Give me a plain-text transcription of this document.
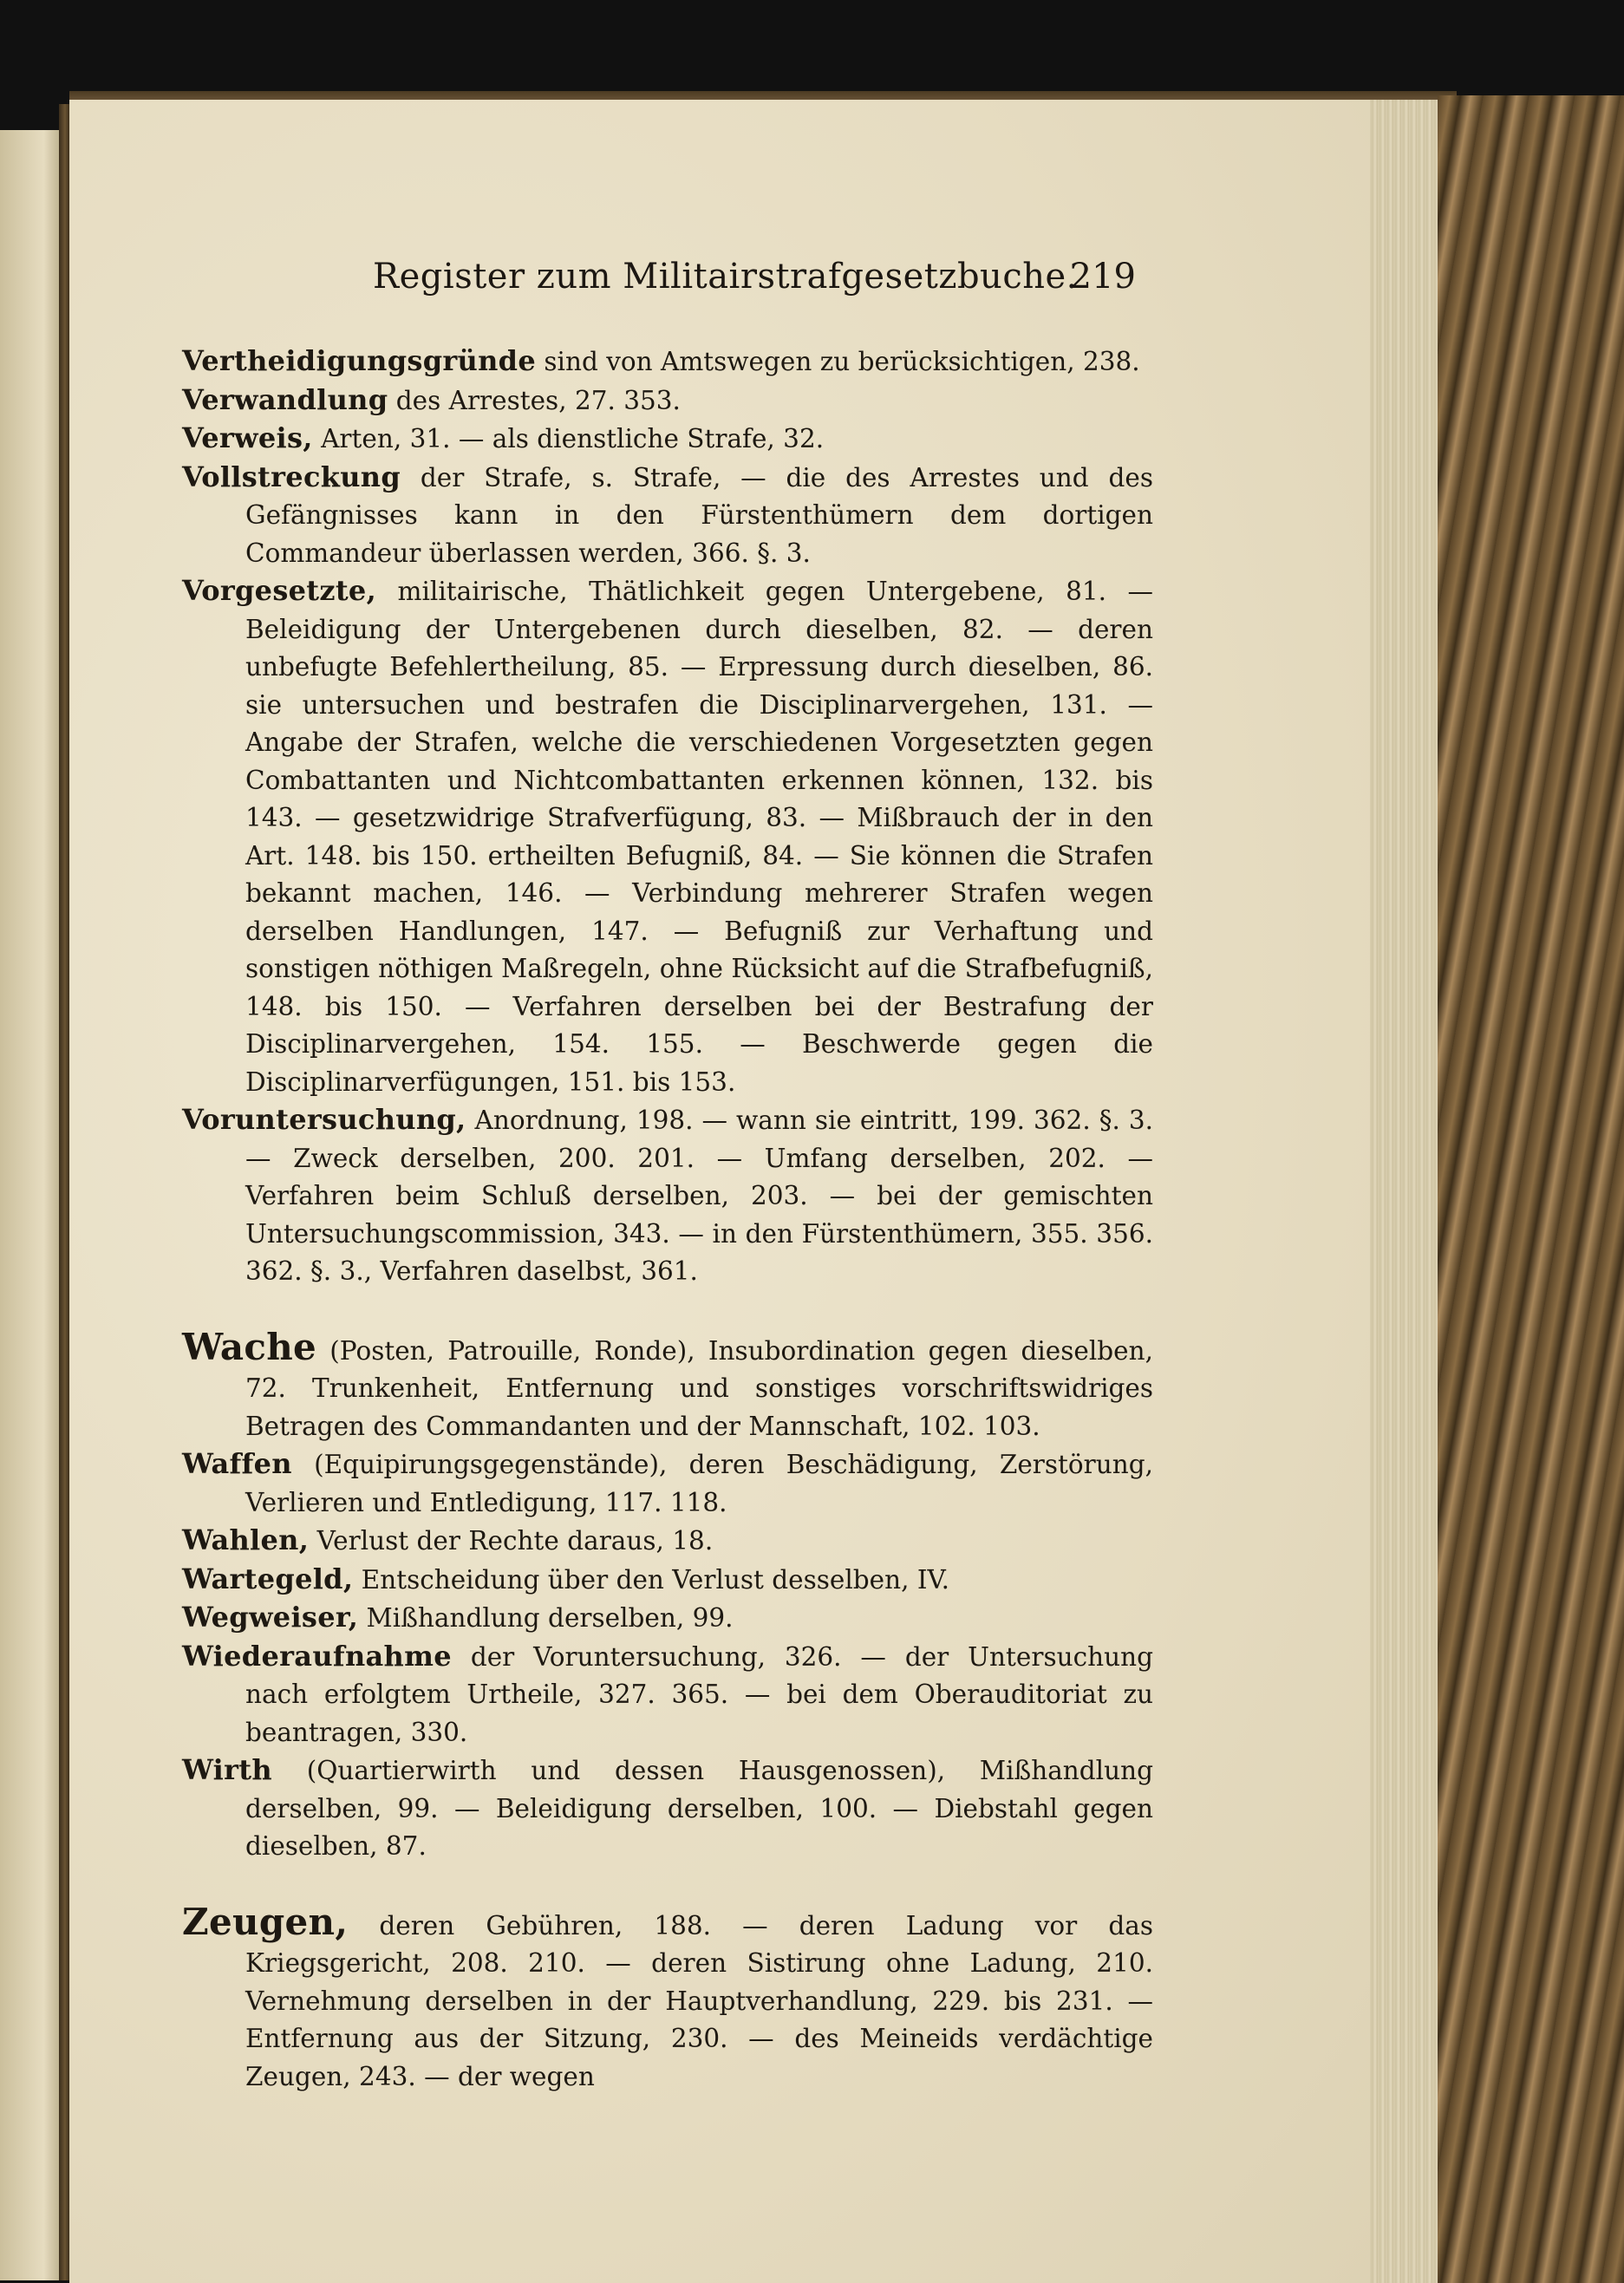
Register zum Militairstrafgesetzbuche.
219

Vertheidigungsgründe sind von Amtswegen zu berücksichtigen, 238.

Verwandlung des Arrestes, 27. 353.

Verweis, Arten, 31. — als dienstliche Strafe, 32.

Vollstreckung der Strafe, s. Strafe, — die des Arrestes und des Gefängnisses kann in den Fürstenthümern dem dortigen Commandeur überlassen werden, 366. §. 3.

Vorgesetzte, militairische, Thätlichkeit gegen Untergebene, 81. — Beleidigung der Untergebenen durch dieselben, 82. — deren unbefugte Befehlertheilung, 85. — Erpressung durch dieselben, 86. sie untersuchen und bestrafen die Disciplinarvergehen, 131. — Angabe der Strafen, welche die verschiedenen Vorgesetzten gegen Combattanten und Nichtcombattanten erkennen können, 132. bis 143. — gesetzwidrige Strafverfügung, 83. — Mißbrauch der in den Art. 148. bis 150. ertheilten Befugniß, 84. — Sie können die Strafen bekannt machen, 146. — Verbindung mehrerer Strafen wegen derselben Handlungen, 147. — Befugniß zur Verhaftung und sonstigen nöthigen Maßregeln, ohne Rücksicht auf die Strafbefugniß, 148. bis 150. — Verfahren derselben bei der Bestrafung der Disciplinarvergehen, 154. 155. — Beschwerde gegen die Disciplinarverfügungen, 151. bis 153.

Voruntersuchung, Anordnung, 198. — wann sie eintritt, 199. 362. §. 3. — Zweck derselben, 200. 201. — Umfang derselben, 202. — Verfahren beim Schluß derselben, 203. — bei der gemischten Untersuchungscommission, 343. — in den Fürstenthümern, 355. 356. 362. §. 3., Verfahren daselbst, 361.

Wache (Posten, Patrouille, Ronde), Insubordination gegen dieselben, 72. Trunkenheit, Entfernung und sonstiges vorschriftswidriges Betragen des Commandanten und der Mannschaft, 102. 103.

Waffen (Equipirungsgegenstände), deren Beschädigung, Zerstörung, Verlieren und Entledigung, 117. 118.

Wahlen, Verlust der Rechte daraus, 18.

Wartegeld, Entscheidung über den Verlust desselben, IV.

Wegweiser, Mißhandlung derselben, 99.

Wiederaufnahme der Voruntersuchung, 326. — der Untersuchung nach erfolgtem Urtheile, 327. 365. — bei dem Oberauditoriat zu beantragen, 330.

Wirth (Quartierwirth und dessen Hausgenossen), Mißhandlung derselben, 99. — Beleidigung derselben, 100. — Diebstahl gegen dieselben, 87.

Zeugen, deren Gebühren, 188. — deren Ladung vor das Kriegsgericht, 208. 210. — deren Sistirung ohne Ladung, 210. Vernehmung derselben in der Hauptverhandlung, 229. bis 231. — Entfernung aus der Sitzung, 230. — des Meineids verdächtige Zeugen, 243. — der wegen
